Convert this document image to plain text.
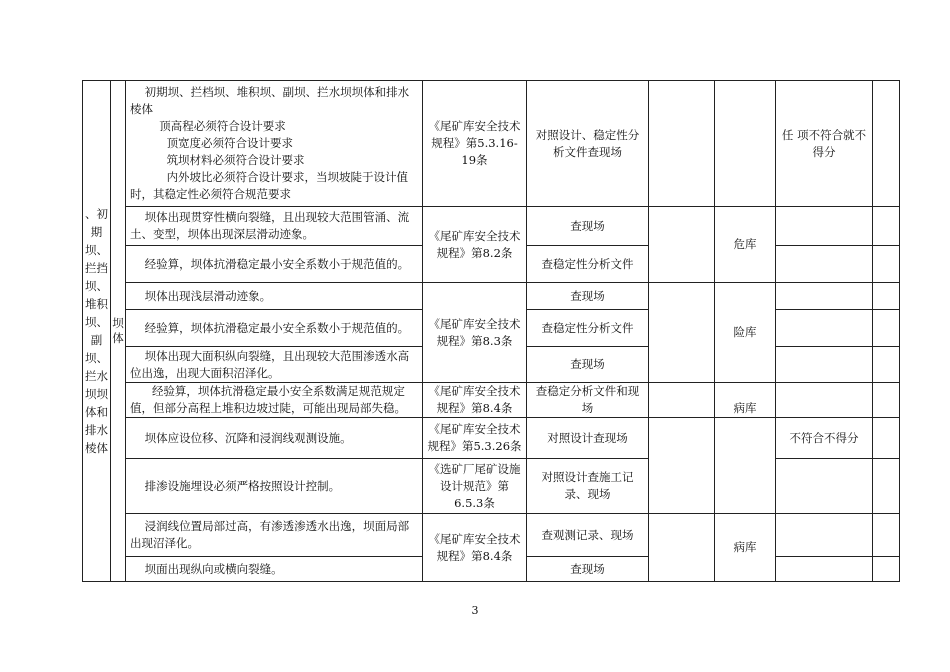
、初期坝、拦挡坝、堆积坝、副坝、拦水坝坝体和排水棱体	坝体	初期坝、拦档坝、堆积坝、副坝、拦水坝坝体和排水棱体
顶高程必须符合设计要求
顶宽度必须符合设计要求
筑坝材料必须符合设计要求
内外坡比必须符合设计要求，当坝坡陡于设计值时，其稳定性必须符合规范要求	《尾矿库安全技术规程》第5.3.16-19条	对照设计、稳定性分析文件查现场			任 项不符合就不得分	
		坝体出现贯穿性横向裂缝，且出现较大范围管涌、流土、变型，坝体出现深层滑动迹象。	《尾矿库安全技术规程》第8.2条	查现场		危库		
		经验算，坝体抗滑稳定最小安全系数小于规范值的。		查稳定性分析文件				
		坝体出现浅层滑动迹象。	《尾矿库安全技术规程》第8.3条	查现场		险库		
		经验算，坝体抗滑稳定最小安全系数小于规范值的。		查稳定性分析文件				
		坝体出现大面积纵向裂缝，且出现较大范围渗透水高位出逸，出现大面积沼泽化。		查现场				
		经验算，坝体抗滑稳定最小安全系数满足规范规定值，但部分高程上堆积边坡过陡，可能出现局部失稳。	《尾矿库安全技术规程》第8.4条	查稳定分析文件和现场		病库		
		坝体应设位移、沉降和浸润线观测设施。	《尾矿库安全技术规程》第5.3.26条	对照设计查现场			不符合不得分	
		排渗设施埋设必须严格按照设计控制。	《选矿厂尾矿设施设计规范》第6.5.3条	对照设计查施工记录、现场				
		浸润线位置局部过高，有渗透渗透水出逸，坝面局部出现沼泽化。	《尾矿库安全技术规程》第8.4条	查观测记录、现场		病库		
		坝面出现纵向或横向裂缝。		查现场				
3
